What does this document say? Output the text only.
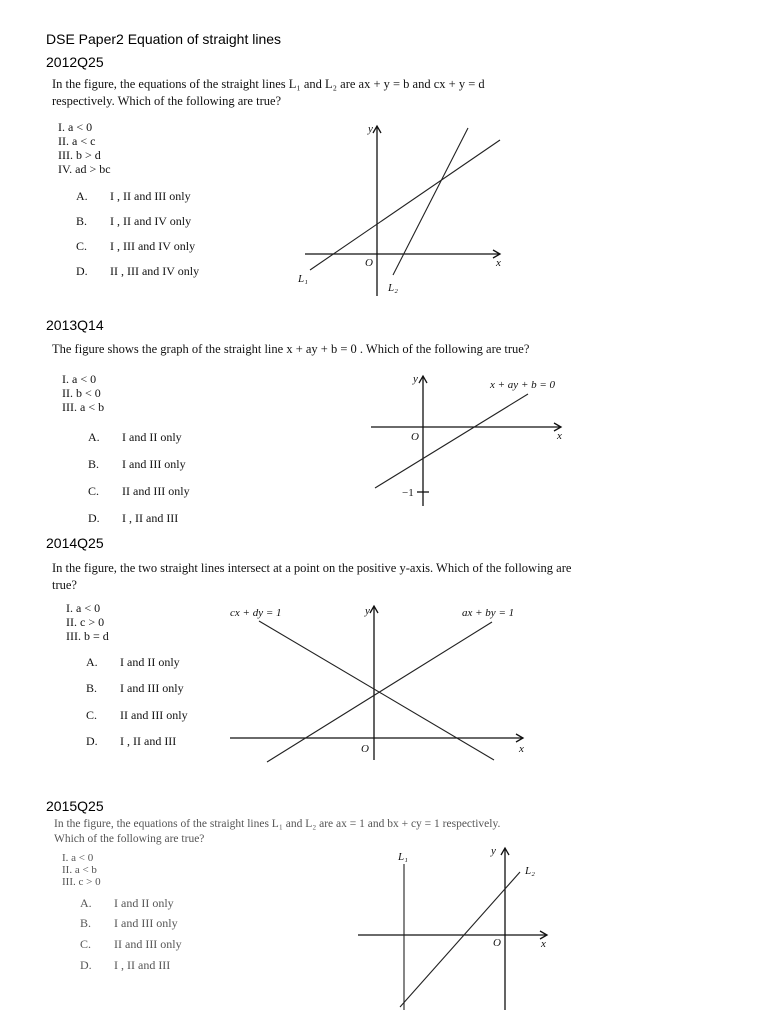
DSE Paper2 Equation of straight lines
2012Q25
In the figure, the equations of the straight lines L₁ and L₂ are ax + y = b and cx + y = d
respectively. Which of the following are true?
I. a < 0
II. a < c
III. b > d
IV. ad > bc
A. I , II and III only
B. I , II and IV only
C. I , III and IV only
D. II , III and IV only
y
x
O
L₁
L₂
2013Q14
The figure shows the graph of the straight line x + ay + b = 0 . Which of the following are true?
I. a < 0
II. b < 0
III. a < b
A. I and II only
B. I and III only
C. II and III only
D. I , II and III
y
x
O
x + ay + b = 0
−1
2014Q25
In the figure, the two straight lines intersect at a point on the positive y-axis. Which of the following are
true?
I. a < 0
II. c > 0
III. b = d
A. I and II only
B. I and III only
C. II and III only
D. I , II and III
y
x
O
cx + dy = 1	ax + by = 1
2015Q25
In the figure, the equations of the straight lines L₁ and L₂ are ax = 1 and bx + cy = 1 respectively.
Which of the following are true?
I. a < 0
II. a < b
III. c > 0
A. I and II only
B. I and III only
C. II and III only
D. I , II and III
y
x
O
L₁
L₂
